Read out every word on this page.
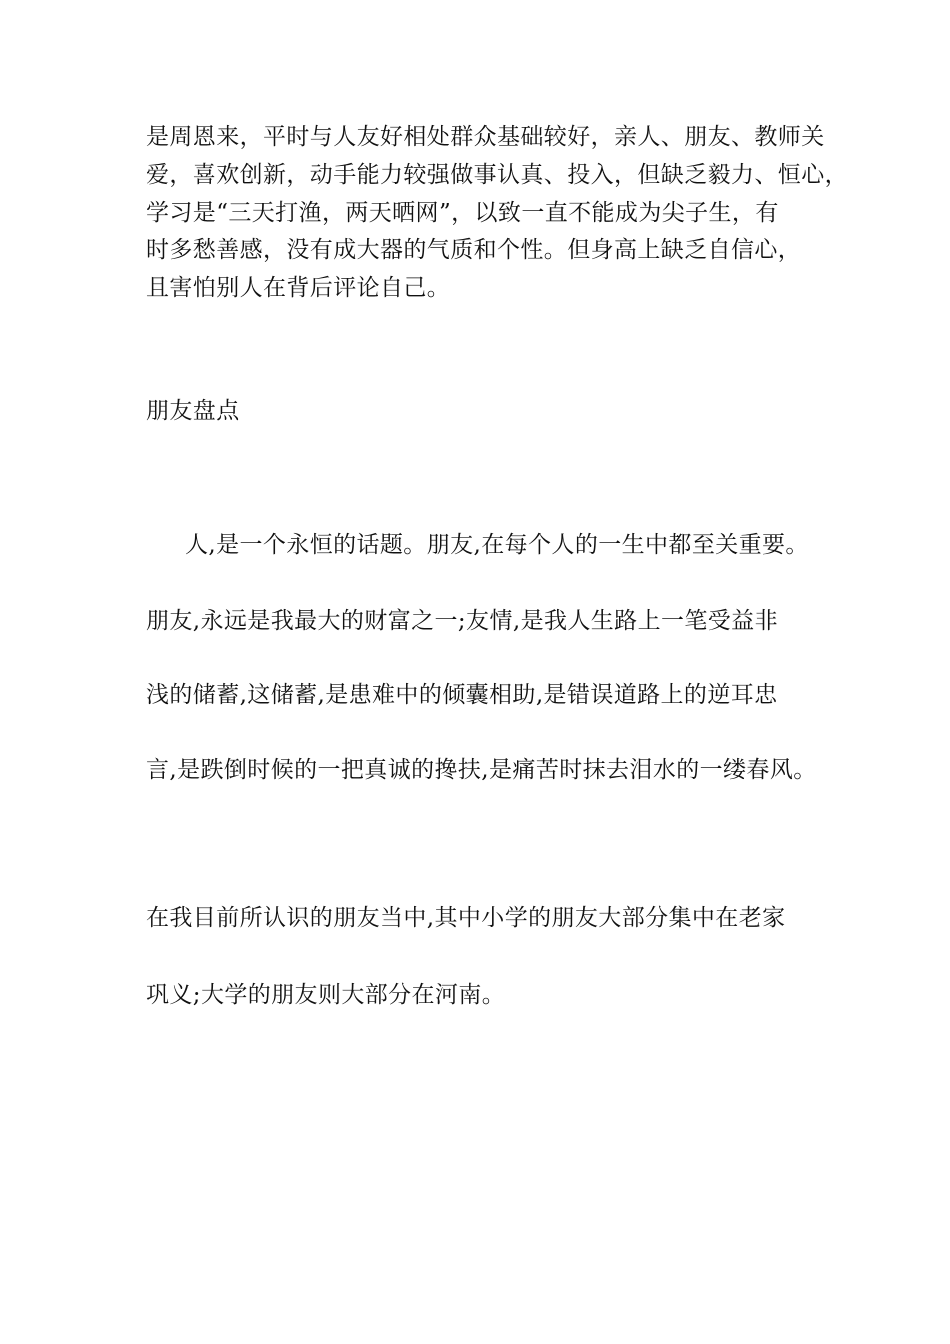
是周恩来，平时与人友好相处群众基础较好，亲人、朋友、教师关
爱，喜欢创新，动手能力较强做事认真、投入，但缺乏毅力、恒心，
学习是“三天打渔，两天晒网”，以致一直不能成为尖子生，有
时多愁善感，没有成大器的气质和个性。但身高上缺乏自信心，
且害怕别人在背后评论自己。
朋友盘点
人,是一个永恒的话题。朋友,在每个人的一生中都至关重要。
朋友,永远是我最大的财富之一;友情,是我人生路上一笔受益非
浅的储蓄,这储蓄,是患难中的倾囊相助,是错误道路上的逆耳忠
言,是跌倒时候的一把真诚的搀扶,是痛苦时抹去泪水的一缕春风。
在我目前所认识的朋友当中,其中小学的朋友大部分集中在老家
巩义;大学的朋友则大部分在河南。
